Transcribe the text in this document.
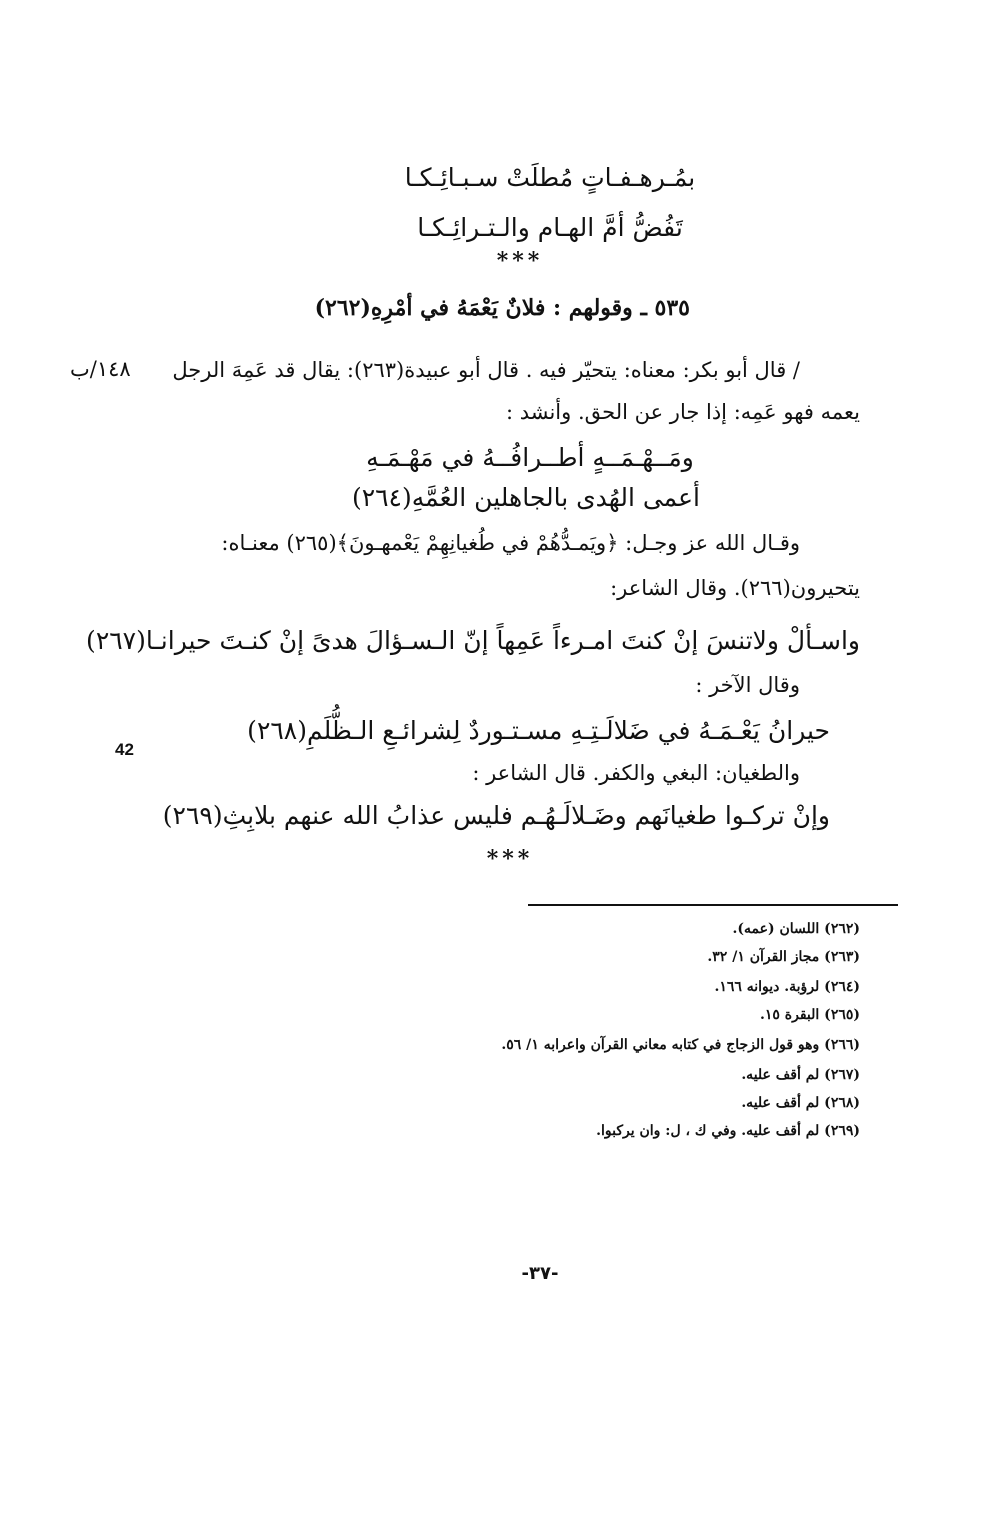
بمُـرهـفـاتٍ مُطلَتْ سـبـائِـكـا
تَفُضُّ أمَّ الهـام والـتـرائِـكـا
***
٥٣٥ ـ وقولهم : فلانٌ يَعْمَهُ في أمْرِهِ(٢٦٢)
/ قال أبو بكر: معناه: يتحيّر فيه . قال أبو عبيدة(٢٦٣): يقال قد عَمِهَ الرجل
١٤٨/ب
يعمه فهو عَمِه: إذا جار عن الحق. وأنشد :
ومَــهْـمَــهٍ أطــرافُــهُ في مَهْـمَـهِ
أعمى الهُدى بالجاهلين العُمَّهِ(٢٦٤)
وقـال الله عز وجـل: ﴿ويَمـدُّهُمْ في طُغيانِهِمْ يَعْمهـونَ﴾(٢٦٥) معنـاه:
يتحيرون(٢٦٦). وقال الشاعر:
واسـألْ ولاتنسَ إنْ كنتَ امـرءاً عَمِهاً إنّ الـسـؤالَ هدىً إنْ كنـتَ حيرانـا(٢٦٧)
وقال الآخر :
حيرانُ يَعْـمَـهُ في ضَلالَـتِـهِ مسـتـوردٌ لِشرائـعِ الـظُّلَمِ(٢٦٨)
42
والطغيان: البغي والكفر. قال الشاعر :
وإنْ تركـوا طغيانَهم وضَـلالَـهُـم فليس عذابُ الله عنهم بلابِثِ(٢٦٩)
***
(٢٦٢) اللسان (عمه).
(٢٦٣) مجاز القرآن ١/ ٣٢.
(٢٦٤) لرؤبة. ديوانه ١٦٦.
(٢٦٥) البقرة ١٥.
(٢٦٦) وهو قول الزجاج في كتابه معاني القرآن واعرابه ١/ ٥٦.
(٢٦٧) لم أقف عليه.
(٢٦٨) لم أقف عليه.
(٢٦٩) لم أقف عليه. وفي ك ، ل: وان يركبوا.
-٣٧-
